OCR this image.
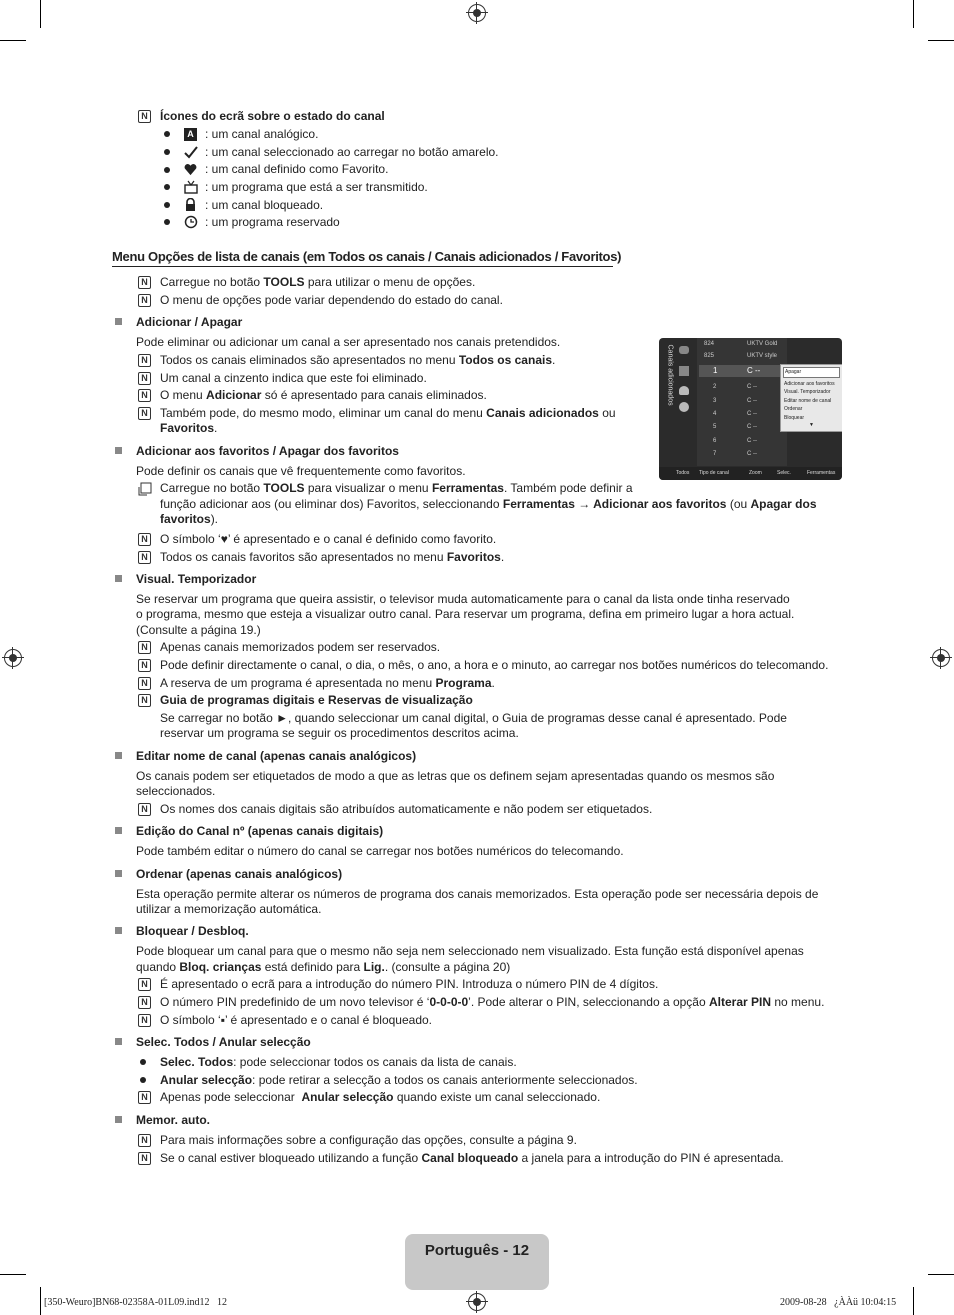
N Ícones do ecrã sobre o estado do canal
A : um canal analógico.
: um canal seleccionado ao carregar no botão amarelo.
: um canal definido como Favorito.
: um programa que está a ser transmitido.
: um canal bloqueado.
: um programa reservado
Menu Opções de lista de canais (em Todos os canais / Canais adicionados / Favoritos)
N Carregue no botão TOOLS para utilizar o menu de opções.
N O menu de opções pode variar dependendo do estado do canal.
Adicionar / Apagar
Pode eliminar ou adicionar um canal a ser apresentado nos canais pretendidos.
N Todos os canais eliminados são apresentados no menu Todos os canais.
N Um canal a cinzento indica que este foi eliminado.
N O menu Adicionar só é apresentado para canais eliminados.
N Também pode, do mesmo modo, eliminar um canal do menu Canais adicionados ou
Favoritos.
Canais adicionados
824	UKTV Gold
825	UKTV style
1	C --
2	C --
3	C --
4	C --
5	C --
6	C --
7	C --
Apagar
Adicionar aos favoritos
Visual. Temporizador
Editar nome de canal
Ordenar
Bloquear
▼
Todos Tipo de canal	Zoom	Selec.	Ferramentas
Adicionar aos favoritos / Apagar dos favoritos
Pode definir os canais que vê frequentemente como favoritos.
Carregue no botão TOOLS para visualizar o menu Ferramentas. Também pode definir a
função adicionar aos (ou eliminar dos) Favoritos, seleccionando Ferramentas → Adicionar aos favoritos (ou Apagar dos
favoritos).
N O símbolo ‘♥’ é apresentado e o canal é definido como favorito.
N Todos os canais favoritos são apresentados no menu Favoritos.
Visual. Temporizador
Se reservar um programa que queira assistir, o televisor muda automaticamente para o canal da lista onde tinha reservado
o programa, mesmo que esteja a visualizar outro canal. Para reservar um programa, defina em primeiro lugar a hora actual.
(Consulte a página 19.)
N Apenas canais memorizados podem ser reservados.
N Pode definir directamente o canal, o dia, o mês, o ano, a hora e o minuto, ao carregar nos botões numéricos do telecomando.
N A reserva de um programa é apresentada no menu Programa.
N Guia de programas digitais e Reservas de visualização
Se carregar no botão ►, quando seleccionar um canal digital, o Guia de programas desse canal é apresentado. Pode
reservar um programa se seguir os procedimentos descritos acima.
Editar nome de canal (apenas canais analógicos)
Os canais podem ser etiquetados de modo a que as letras que os definem sejam apresentadas quando os mesmos são
seleccionados.
N Os nomes dos canais digitais são atribuídos automaticamente e não podem ser etiquetados.
Edição do Canal nº (apenas canais digitais)
Pode também editar o número do canal se carregar nos botões numéricos do telecomando.
Ordenar (apenas canais analógicos)
Esta operação permite alterar os números de programa dos canais memorizados. Esta operação pode ser necessária depois de
utilizar a memorização automática.
Bloquear / Desbloq.
Pode bloquear um canal para que o mesmo não seja nem seleccionado nem visualizado. Esta função está disponível apenas
quando Bloq. crianças está definido para Lig.. (consulte a página 20)
N É apresentado o ecrã para a introdução do número PIN. Introduza o número PIN de 4 dígitos.
N O número PIN predefinido de um novo televisor é ‘0-0-0-0’. Pode alterar o PIN, seleccionando a opção Alterar PIN no menu.
N O símbolo ‘▪’ é apresentado e o canal é bloqueado.
Selec. Todos / Anular selecção
Selec. Todos: pode seleccionar todos os canais da lista de canais.
Anular selecção: pode retirar a selecção a todos os canais anteriormente seleccionados.
N Apenas pode seleccionar  Anular selecção quando existe um canal seleccionado.
Memor. auto.
N Para mais informações sobre a configuração das opções, consulte a página 9.
N Se o canal estiver bloqueado utilizando a função Canal bloqueado a janela para a introdução do PIN é apresentada.
Português - 12
[350-Weuro]BN68-02358A-01L09.ind12   12	2009-08-28   ¿ÀÀü 10:04:15
